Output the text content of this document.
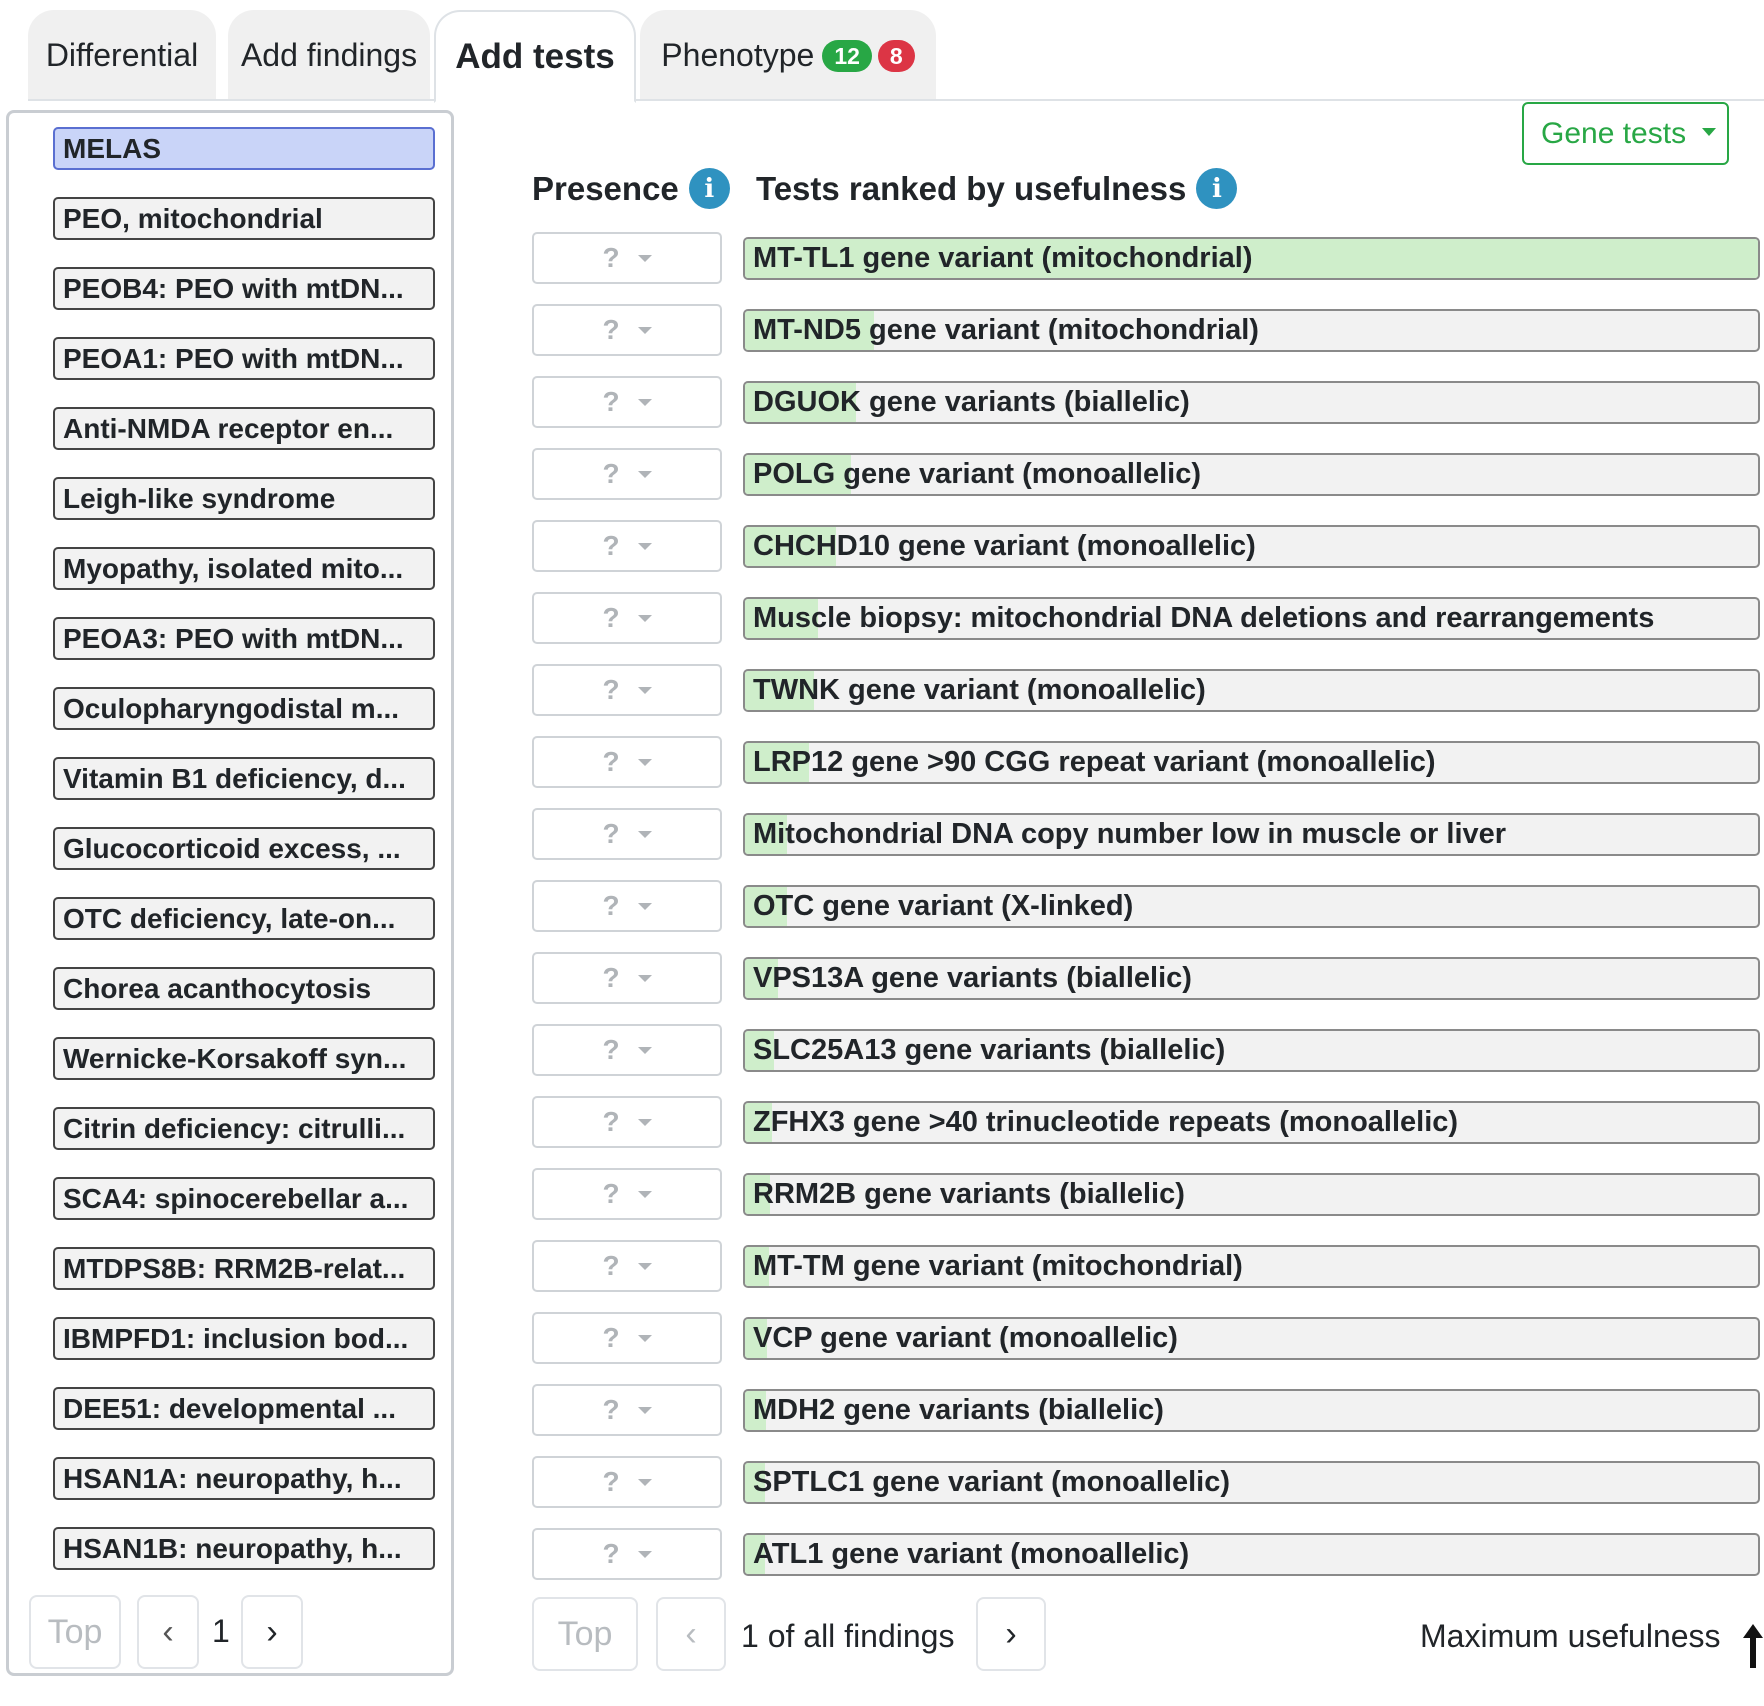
Differential Add findings Add tests Phenotype 12	8
MELAS
PEO, mitochondrial
PEOB4: PEO with mtDN...
PEOA1: PEO with mtDN...
Anti-NMDA receptor en...
Leigh-like syndrome
Myopathy, isolated mito...
PEOA3: PEO with mtDN...
Oculopharyngodistal m...
Vitamin B1 deficiency, d...
Glucocorticoid excess, ...
OTC deficiency, late-on...
Chorea acanthocytosis
Wernicke-Korsakoff syn...
Citrin deficiency: citrulli...
SCA4: spinocerebellar a...
MTDPS8B: RRM2B-relat...
IBMPFD1: inclusion bod...
DEE51: developmental ...
HSAN1A: neuropathy, h...
HSAN1B: neuropathy, h...
Top ‹ 1 ›
Gene tests
Presence i	Tests ranked by usefulness i
?	MT-TL1 gene variant (mitochondrial)
?	MT-ND5 gene variant (mitochondrial)
?	DGUOK gene variants (biallelic)
?	POLG gene variant (monoallelic)
?	CHCHD10 gene variant (monoallelic)
?	Muscle biopsy: mitochondrial DNA deletions and rearrangements
?	TWNK gene variant (monoallelic)
?	LRP12 gene >90 CGG repeat variant (monoallelic)
?	Mitochondrial DNA copy number low in muscle or liver
?	OTC gene variant (X-linked)
?	VPS13A gene variants (biallelic)
?	SLC25A13 gene variants (biallelic)
?	ZFHX3 gene >40 trinucleotide repeats (monoallelic)
?	RRM2B gene variants (biallelic)
?	MT-TM gene variant (mitochondrial)
?	VCP gene variant (monoallelic)
?	MDH2 gene variants (biallelic)
?	SPTLC1 gene variant (monoallelic)
?	ATL1 gene variant (monoallelic)
Top ‹ 1 of all findings ›	Maximum usefulness
